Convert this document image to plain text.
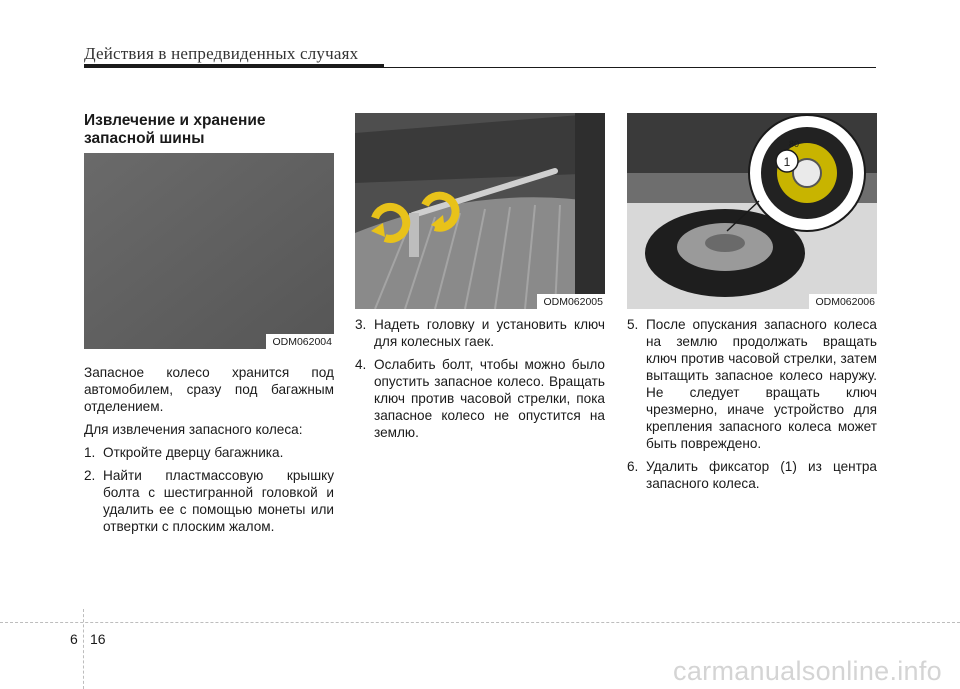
Действия в непредвиденных случаях
Извлечение и хранение
запасной шины
ODM062004

Запасное колесо хранится под автомобилем, сразу под багажным отделением.

Для извлечения запасного колеса:

1. Откройте дверцу багажника.
2. Найти пластмассовую крышку болта с шестигранной головкой и удалить ее с помощью монеты или отвертки с плоским жалом.
ODM062005
3. Надеть головку и установить ключ для колесных гаек.
4. Ослабить болт, чтобы можно было опустить запасное колесо. Вращать ключ против часовой стрелки, пока запасное колесо не опустится на землю.
1
80
ODM062006
5. После опускания запасного колеса на землю продолжать вращать ключ против часовой стрелки, затем вытащить запасное колесо наружу. Не следует вращать ключ чрезмерно, иначе устройство для крепления запасного колеса может быть повреждено.
6. Удалить фиксатор (1) из центра запасного колеса.
6 16
carmanualsonline.info
